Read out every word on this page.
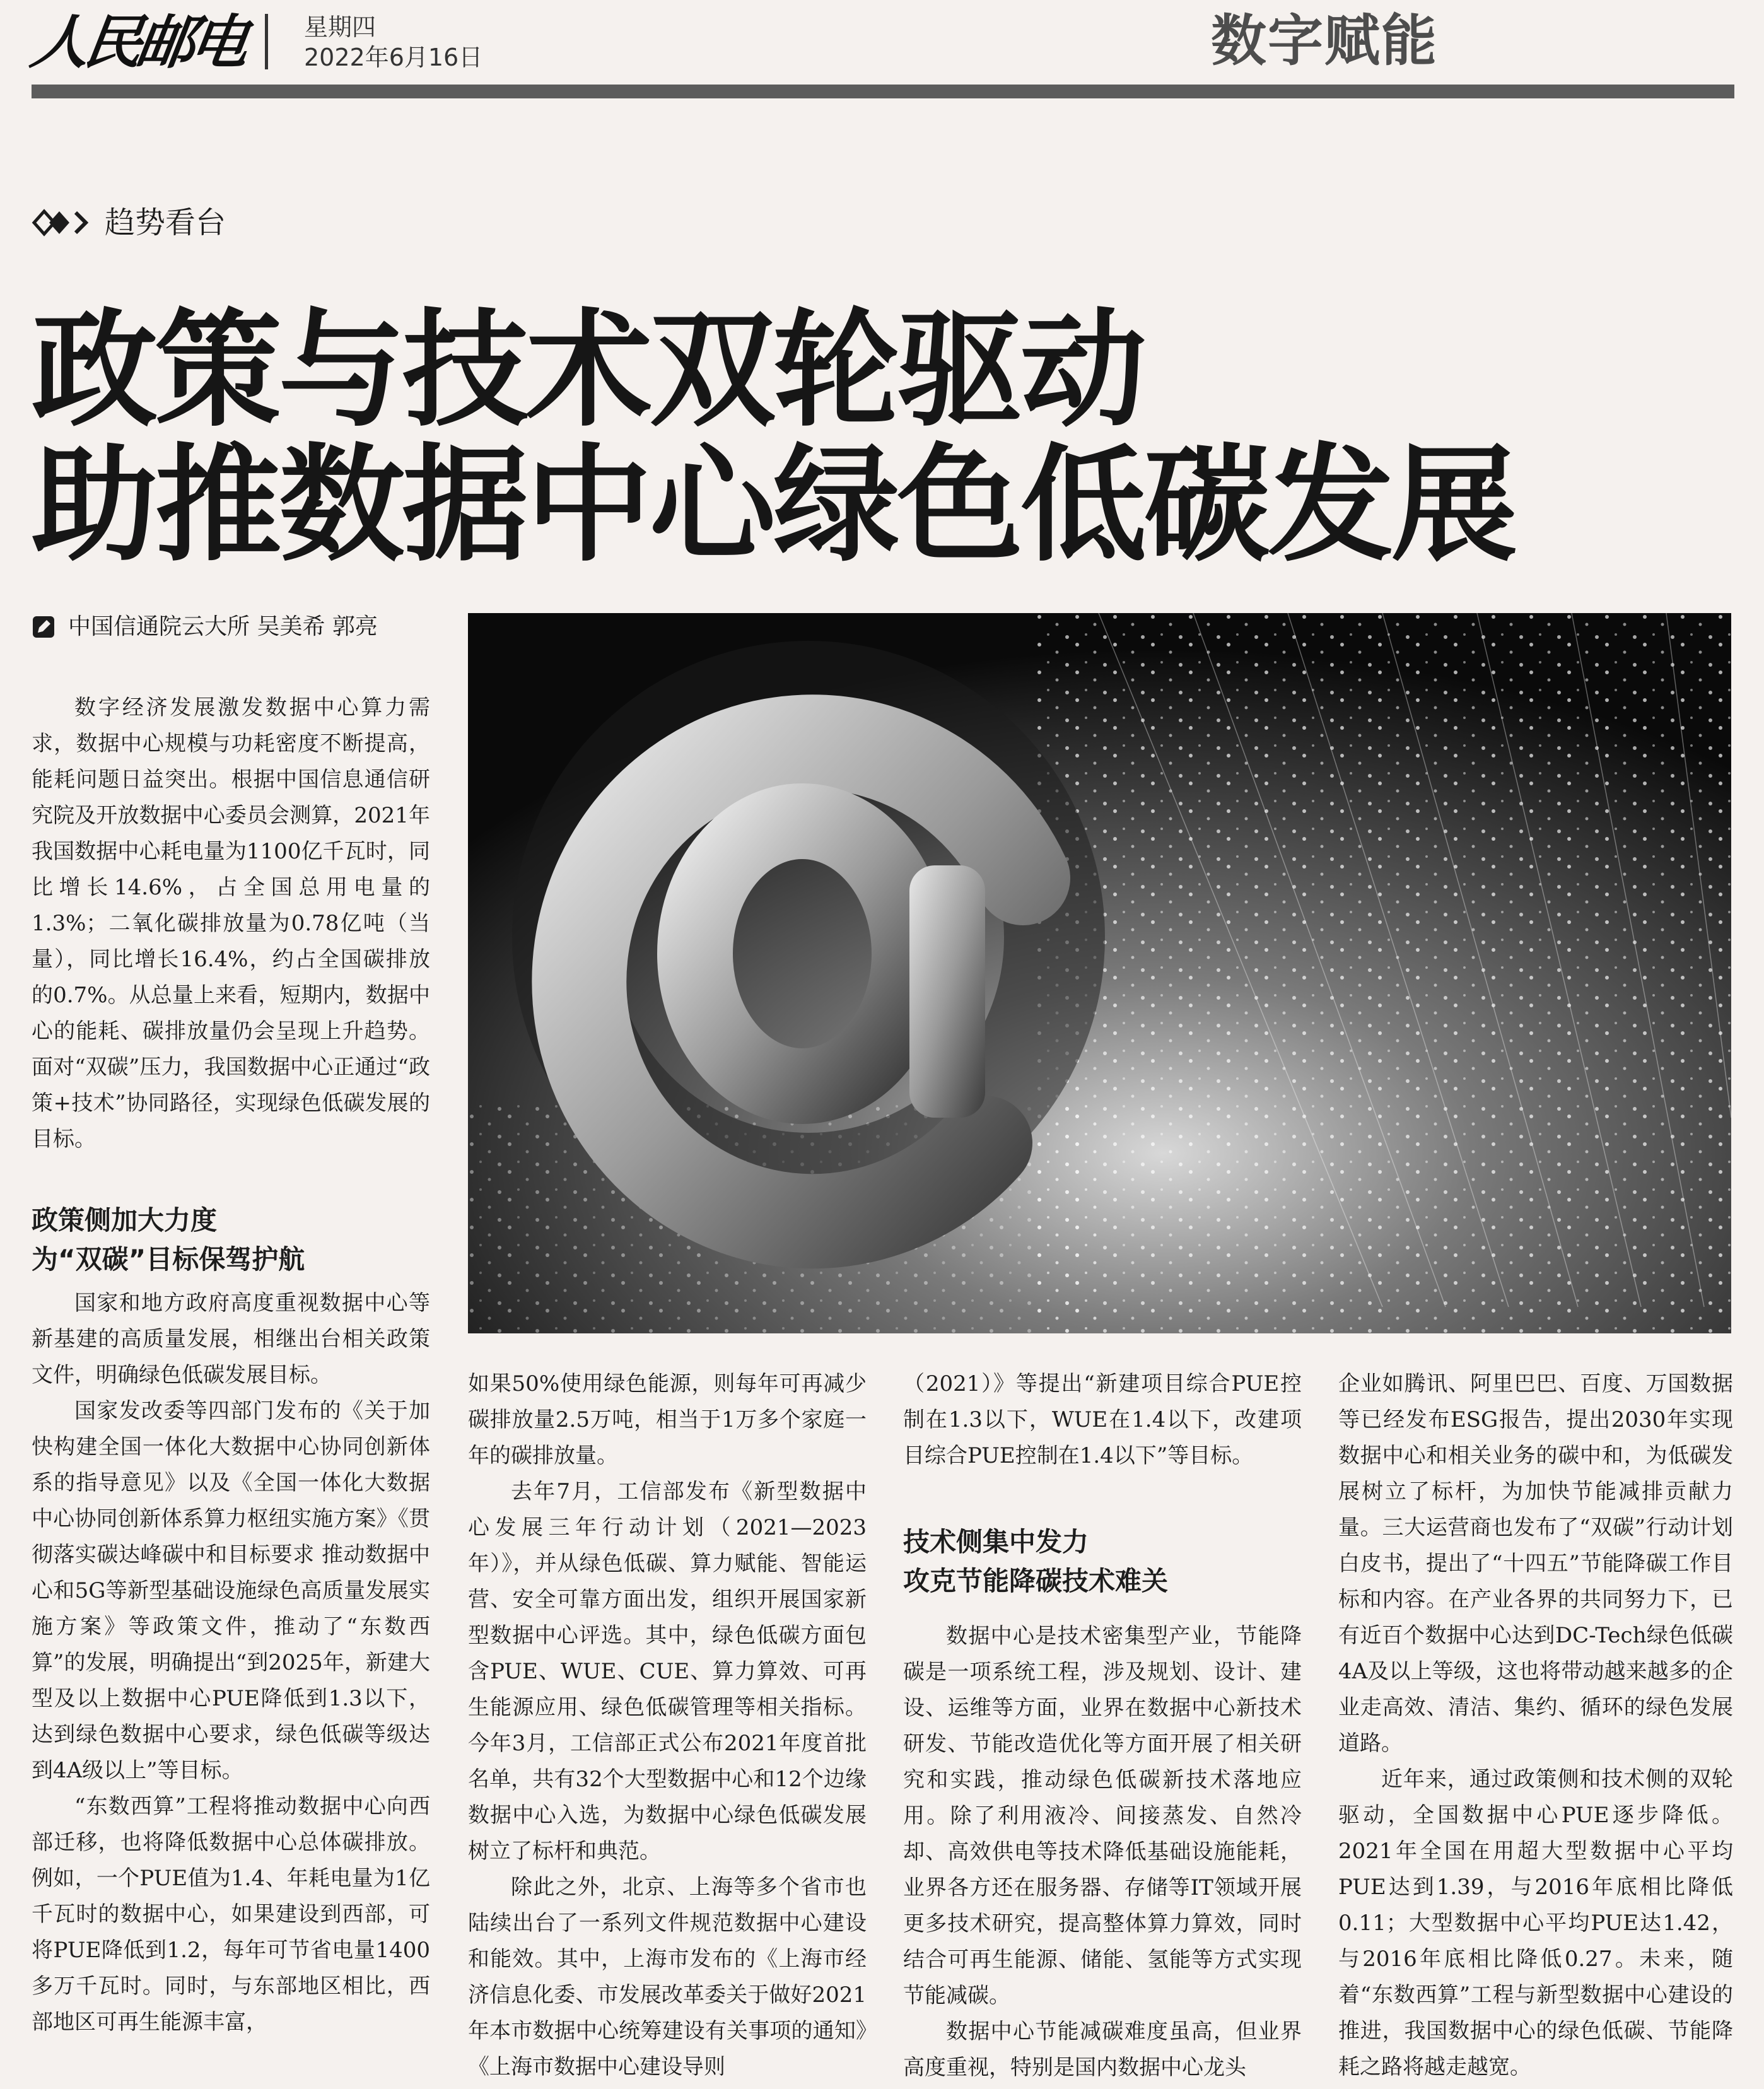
人民邮电 星期四
2022年6月16日	数字赋能
趋势看台
政策与技术双轮驱动
助推数据中心绿色低碳发展
中国信通院云大所 吴美希 郭亮

数字经济发展激发数据中心算力需求，数据中心规模与功耗密度不断提高，能耗问题日益突出。根据中国信息通信研究院及开放数据中心委员会测算，2021年我国数据中心耗电量为1100亿千瓦时，同比增长14.6%，占全国总用电量的1.3%；二氧化碳排放量为0.78亿吨（当量），同比增长16.4%，约占全国碳排放的0.7%。从总量上来看，短期内，数据中心的能耗、碳排放量仍会呈现上升趋势。面对“双碳”压力，我国数据中心正通过“政策+技术”协同路径，实现绿色低碳发展的目标。

政策侧加大力度
为“双碳”目标保驾护航

国家和地方政府高度重视数据中心等新基建的高质量发展，相继出台相关政策文件，明确绿色低碳发展目标。

国家发改委等四部门发布的《关于加快构建全国一体化大数据中心协同创新体系的指导意见》以及《全国一体化大数据中心协同创新体系算力枢纽实施方案》《贯彻落实碳达峰碳中和目标要求 推动数据中心和5G等新型基础设施绿色高质量发展实施方案》等政策文件，推动了“东数西算”的发展，明确提出“到2025年，新建大型及以上数据中心PUE降低到1.3以下，达到绿色数据中心要求，绿色低碳等级达到4A级以上”等目标。

“东数西算”工程将推动数据中心向西部迁移，也将降低数据中心总体碳排放。例如，一个PUE值为1.4、年耗电量为1亿千瓦时的数据中心，如果建设到西部，可将PUE降低到1.2，每年可节省电量1400多万千瓦时。同时，与东部地区相比，西部地区可再生能源丰富，

如果50%使用绿色能源，则每年可再减少碳排放量2.5万吨，相当于1万多个家庭一年的碳排放量。

去年7月，工信部发布《新型数据中心发展三年行动计划（2021—2023年）》，并从绿色低碳、算力赋能、智能运营、安全可靠方面出发，组织开展国家新型数据中心评选。其中，绿色低碳方面包含PUE、WUE、CUE、算力算效、可再生能源应用、绿色低碳管理等相关指标。今年3月，工信部正式公布2021年度首批名单，共有32个大型数据中心和12个边缘数据中心入选，为数据中心绿色低碳发展树立了标杆和典范。

除此之外，北京、上海等多个省市也陆续出台了一系列文件规范数据中心建设和能效。其中，上海市发布的《上海市经济信息化委、市发展改革委关于做好2021年本市数据中心统筹建设有关事项的通知》《上海市数据中心建设导则

（2021）》等提出“新建项目综合PUE控制在1.3以下，WUE在1.4以下，改建项目综合PUE控制在1.4以下”等目标。

技术侧集中发力
攻克节能降碳技术难关

数据中心是技术密集型产业，节能降碳是一项系统工程，涉及规划、设计、建设、运维等方面，业界在数据中心新技术研发、节能改造优化等方面开展了相关研究和实践，推动绿色低碳新技术落地应用。除了利用液冷、间接蒸发、自然冷却、高效供电等技术降低基础设施能耗，业界各方还在服务器、存储等IT领域开展更多技术研究，提高整体算力算效，同时结合可再生能源、储能、氢能等方式实现节能减碳。

数据中心节能减碳难度虽高，但业界高度重视，特别是国内数据中心龙头

企业如腾讯、阿里巴巴、百度、万国数据等已经发布ESG报告，提出2030年实现数据中心和相关业务的碳中和，为低碳发展树立了标杆，为加快节能减排贡献力量。三大运营商也发布了“双碳”行动计划白皮书，提出了“十四五”节能降碳工作目标和内容。在产业各界的共同努力下，已有近百个数据中心达到DC-Tech绿色低碳4A及以上等级，这也将带动越来越多的企业走高效、清洁、集约、循环的绿色发展道路。

近年来，通过政策侧和技术侧的双轮驱动，全国数据中心PUE逐步降低。2021年全国在用超大型数据中心平均PUE达到1.39，与2016年底相比降低0.11；大型数据中心平均PUE达1.42，与2016年底相比降低0.27。未来，随着“东数西算”工程与新型数据中心建设的推进，我国数据中心的绿色低碳、节能降耗之路将越走越宽。
